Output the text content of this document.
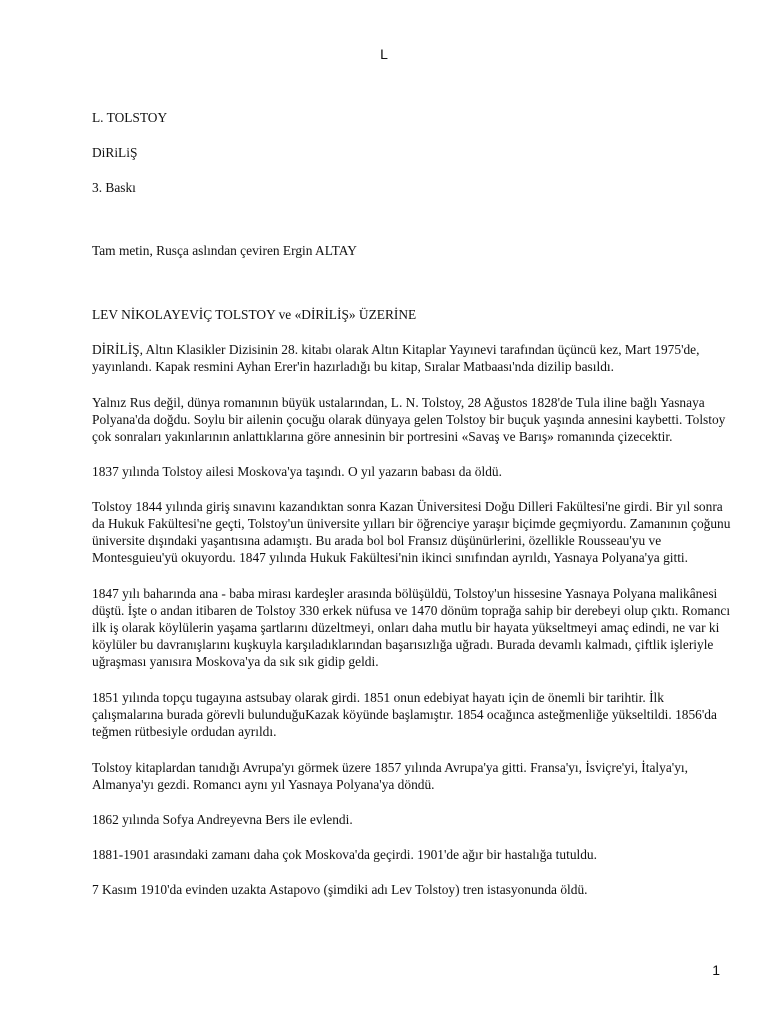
L

L. TOLSTOY

DiRiLiŞ

3. Baskı

Tam metin, Rusça aslından çeviren Ergin ALTAY

LEV NİKOLAYEVİÇ TOLSTOY ve «DİRİLİŞ» ÜZERİNE

DİRİLİŞ, Altın Klasikler Dizisinin 28. kitabı olarak Altın Kitaplar Yayınevi tarafından üçüncü kez, Mart 1975'de, yayınlandı. Kapak resmini Ayhan Erer'in hazırladığı bu kitap, Sıralar Matbaası'nda dizilip basıldı.

Yalnız Rus değil, dünya romanının büyük ustalarından, L. N. Tolstoy, 28 Ağustos 1828'de Tula iline bağlı Yasnaya Polyana'da doğdu. Soylu bir ailenin çocuğu olarak dünyaya gelen Tolstoy bir buçuk yaşında annesini kaybetti. Tolstoy çok sonraları yakınlarının anlattıklarına göre annesinin bir portresini «Savaş ve Barış» romanında çizecektir.

1837 yılında Tolstoy ailesi Moskova'ya taşındı. O yıl yazarın babası da öldü.

Tolstoy 1844 yılında giriş sınavını kazandıktan sonra Kazan Üniversitesi Doğu Dilleri Fakültesi'ne girdi. Bir yıl sonra da Hukuk Fakültesi'ne geçti, Tolstoy'un üniversite yılları bir öğrenciye yaraşır biçimde geçmiyordu. Zamanının çoğunu üniversite dışındaki yaşantısına adamıştı. Bu arada bol bol Fransız düşünürlerini, özellikle Rousseau'yu ve Montesguieu'yü okuyordu. 1847 yılında Hukuk Fakültesi'nin ikinci sınıfından ayrıldı, Yasnaya Polyana'ya gitti.

1847 yılı baharında ana - baba mirası kardeşler arasında bölüşüldü, Tolstoy'un hissesine Yasnaya Polyana malikânesi düştü. İşte o andan itibaren de Tolstoy 330 erkek nüfusa ve 1470 dönüm toprağa sahip bir derebeyi olup çıktı. Romancı ilk iş olarak köylülerin yaşama şartlarını düzeltmeyi, onları daha mutlu bir hayata yükseltmeyi amaç edindi, ne var ki köylüler bu davranışlarını kuşkuyla karşıladıklarından başarısızlığa uğradı. Burada devamlı kalmadı, çiftlik işleriyle uğraşması yanısıra Moskova'ya da sık sık gidip geldi.

1851 yılında topçu tugayına astsubay olarak girdi. 1851 onun edebiyat hayatı için de önemli bir tarihtir. İlk çalışmalarına burada görevli bulunduğuKazak köyünde başlamıştır. 1854 ocağınca asteğmenliğe yükseltildi. 1856'da teğmen rütbesiyle ordudan ayrıldı.

Tolstoy kitaplardan tanıdığı Avrupa'yı görmek üzere 1857 yılında Avrupa'ya gitti. Fransa'yı, İsviçre'yi, İtalya'yı, Almanya'yı gezdi. Romancı aynı yıl Yasnaya Polyana'ya döndü.

1862 yılında Sofya Andreyevna Bers ile evlendi.

1881-1901 arasındaki zamanı daha çok Moskova'da geçirdi. 1901'de ağır bir hastalığa tutuldu.

7 Kasım 1910'da evinden uzakta Astapovo (şimdiki adı Lev Tolstoy) tren istasyonunda öldü.

1
